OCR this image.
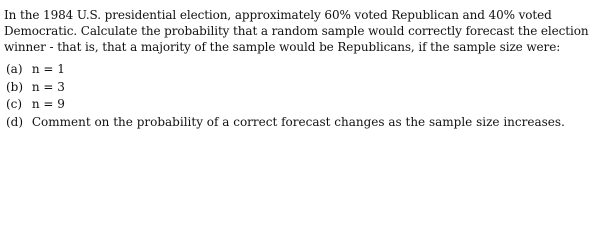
In the 1984 U.S. presidential election, approximately 60% voted Republican and 40% voted Democratic. Calculate the probability that a random sample would correctly forecast the election winner - that is, that a majority of the sample would be Republicans, if the sample size were:

(a) n = 1
(b) n = 3
(c) n = 9
(d) Comment on the probability of a correct forecast changes as the sample size increases.
